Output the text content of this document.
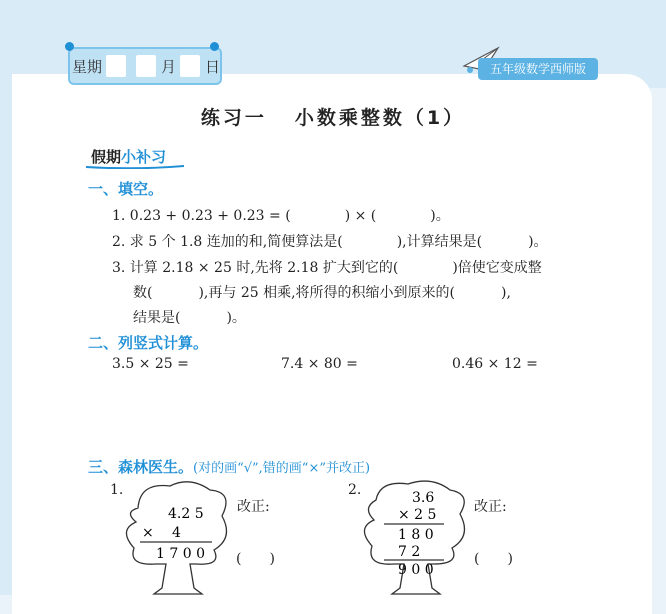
星期	月 日	五年级数学西师版
练习一 小数乘整数（1）
假期小补习
一、填空。
1. 0.23 + 0.23 + 0.23 = (	) × (	)。
2. 求 5 个 1.8 连加的和,简便算法是(	),计算结果是(	)。
3. 计算 2.18 × 25 时,先将 2.18 扩大到它的(	)倍使它变成整
数(	),再与 25 相乘,将所得的积缩小到原来的(	),
结果是(	)。
二、列竖式计算。
3.5 × 25 =	7.4 × 80 =	0.46 × 12 =
三、森林医生。(对的画“√”,错的画“×”并改正)
1.
4.2 5
× 4
1 7 0 0
改正:
(　　)
2.	3.6
× 2 5
1 8 0
7 2
9 0 0
改正:
(　　)
